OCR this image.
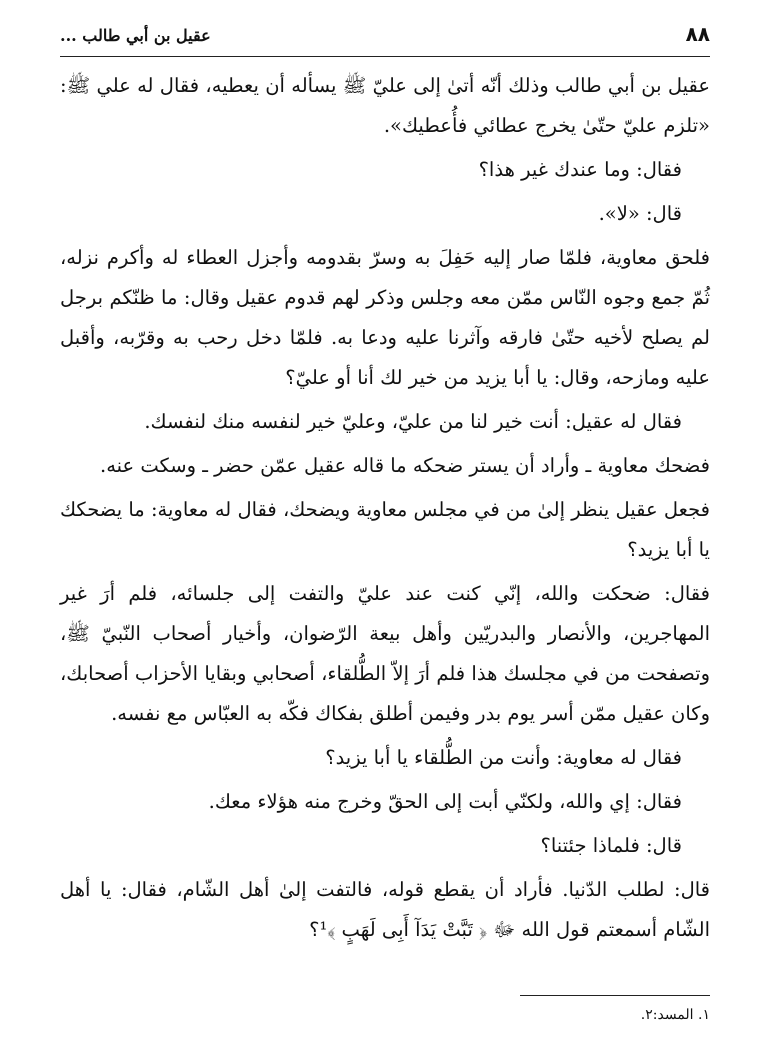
٨٨
عقيل بن أبي طالب ...

عقيل بن أبي طالب وذلك أنّه أتىٰ إلى عليّ ﷺ يسأله أن يعطيه، فقال له علي ﷺ: «تلزم عليّ حتّىٰ يخرج عطائي فأُعطيك».

فقال: وما عندك غير هذا؟

قال: «لا».

فلحق معاوية، فلمّا صار إليه حَفِلَ به وسرّ بقدومه وأجزل العطاء له وأكرم نزله، ثُمّ جمع وجوه النّاس ممّن معه وجلس وذكر لهم قدوم عقيل وقال: ما ظنّكم برجل لم يصلح لأخيه حتّىٰ فارقه وآثرنا عليه ودعا به. فلمّا دخل رحب به وقرّبه، وأقبل عليه ومازحه، وقال: يا أبا يزيد من خير لك أنا أو عليّ؟

فقال له عقيل: أنت خير لنا من عليّ، وعليّ خير لنفسه منك لنفسك.

فضحك معاوية ـ وأراد أن يستر ضحكه ما قاله عقيل عمّن حضر ـ وسكت عنه.

فجعل عقيل ينظر إلىٰ من في مجلس معاوية ويضحك، فقال له معاوية: ما يضحكك يا أبا يزيد؟

فقال: ضحكت والله، إنّي كنت عند عليّ والتفت إلى جلسائه، فلم أرَ غير المهاجرين، والأنصار والبدريّين وأهل بيعة الرّضوان، وأخيار أصحاب النّبيّ ﷺ، وتصفحت من في مجلسك هذا فلم أرَ إلاّ الطُّلقاء، أصحابي وبقايا الأحزاب أصحابك، وكان عقيل ممّن أسر يوم بدر وفيمن أطلق بفكاك فكّه به العبّاس مع نفسه.

فقال له معاوية: وأنت من الطُّلقاء يا أبا يزيد؟

فقال: إي والله، ولكنّي أبت إلى الحقّ وخرج منه هؤلاء معك.

قال: فلماذا جئتنا؟

قال: لطلب الدّنيا. فأراد أن يقطع قوله، فالتفت إلىٰ أهل الشّام، فقال: يا أهل الشّام أسمعتم قول الله ﷻ ﴿ تَبَّتْ يَدَآ أَبِى لَهَبٍ ﴾¹؟

١. المسد:٢.
